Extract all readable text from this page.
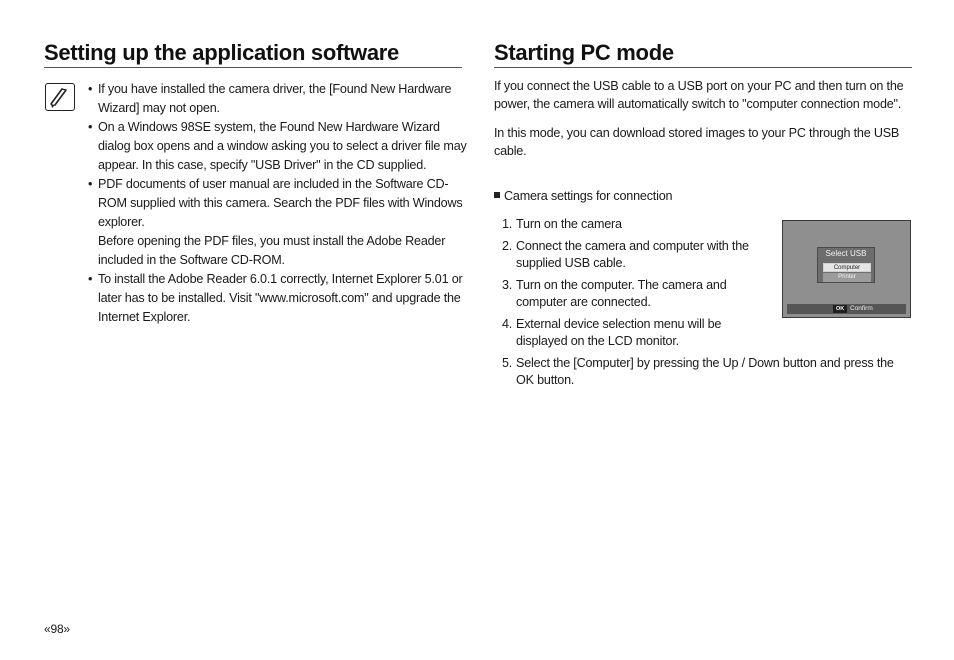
Setting up the application software
• If you have installed the camera driver, the [Found New Hardware Wizard] may not open.
• On a Windows 98SE system, the Found New Hardware Wizard dialog box opens and a window asking you to select a driver file may appear. In this case, specify "USB Driver" in the CD supplied.
• PDF documents of user manual are included in the Software CD-ROM supplied with this camera. Search the PDF files with Windows explorer.
Before opening the PDF files, you must install the Adobe Reader included in the Software CD-ROM.
• To install the Adobe Reader 6.0.1 correctly, Internet Explorer 5.01 or later has to be installed. Visit "www.microsoft.com" and upgrade the Internet Explorer.
Starting PC mode

If you connect the USB cable to a USB port on your PC and then turn on the power, the camera will automatically switch to "computer connection mode".

In this mode, you can download stored images to your PC through the USB cable.

Camera settings for connection

1. Turn on the camera
2. Connect the camera and computer with the supplied USB cable.
3. Turn on the computer. The camera and computer are connected.
4. External device selection menu will be displayed on the LCD monitor.
5. Select the [Computer] by pressing the Up / Down button and press the OK button.
Select USB
Computer
Printer
OK Confirm
«98»
